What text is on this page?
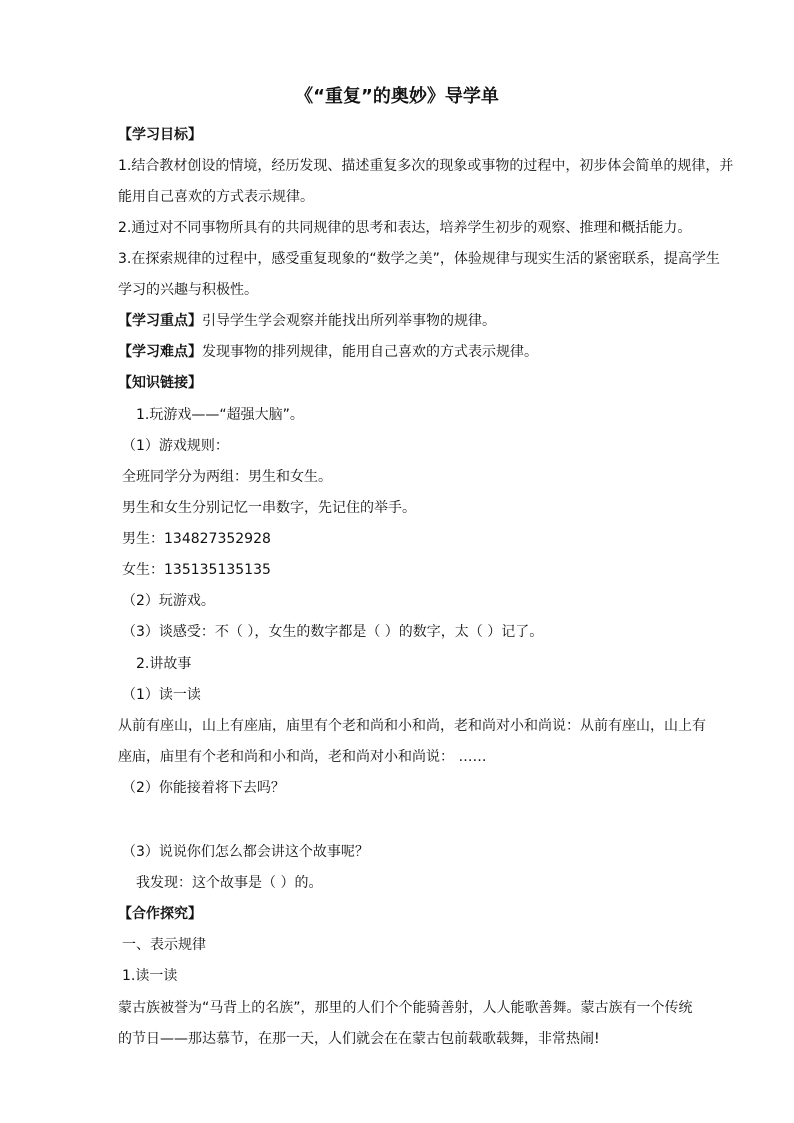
《“重复”的奥妙》导学单
【学习目标】
1.结合教材创设的情境，经历发现、描述重复多次的现象或事物的过程中，初步体会简单的规律，并
能用自己喜欢的方式表示规律。
2.通过对不同事物所具有的共同规律的思考和表达，培养学生初步的观察、推理和概括能力。
3.在探索规律的过程中，感受重复现象的“数学之美”，体验规律与现实生活的紧密联系，提高学生
学习的兴趣与积极性。
【学习重点】引导学生学会观察并能找出所列举事物的规律。
【学习难点】发现事物的排列规律，能用自己喜欢的方式表示规律。
【知识链接】
1.玩游戏——“超强大脑”。
（1）游戏规则：
全班同学分为两组：男生和女生。
男生和女生分别记忆一串数字，先记住的举手。
男生：134827352928
女生：135135135135
（2）玩游戏。
（3）谈感受：不（ ），女生的数字都是（ ）的数字，太（ ）记了。
2.讲故事
（1）读一读
从前有座山，山上有座庙，庙里有个老和尚和小和尚，老和尚对小和尚说：从前有座山，山上有
座庙，庙里有个老和尚和小和尚，老和尚对小和尚说： ……
（2）你能接着将下去吗？
（3）说说你们怎么都会讲这个故事呢？
我发现：这个故事是（ ）的。
【合作探究】
一、表示规律
1.读一读
蒙古族被誉为“马背上的名族”，那里的人们个个能骑善射，人人能歌善舞。蒙古族有一个传统
的节日——那达慕节，在那一天，人们就会在在蒙古包前载歌载舞，非常热闹!
